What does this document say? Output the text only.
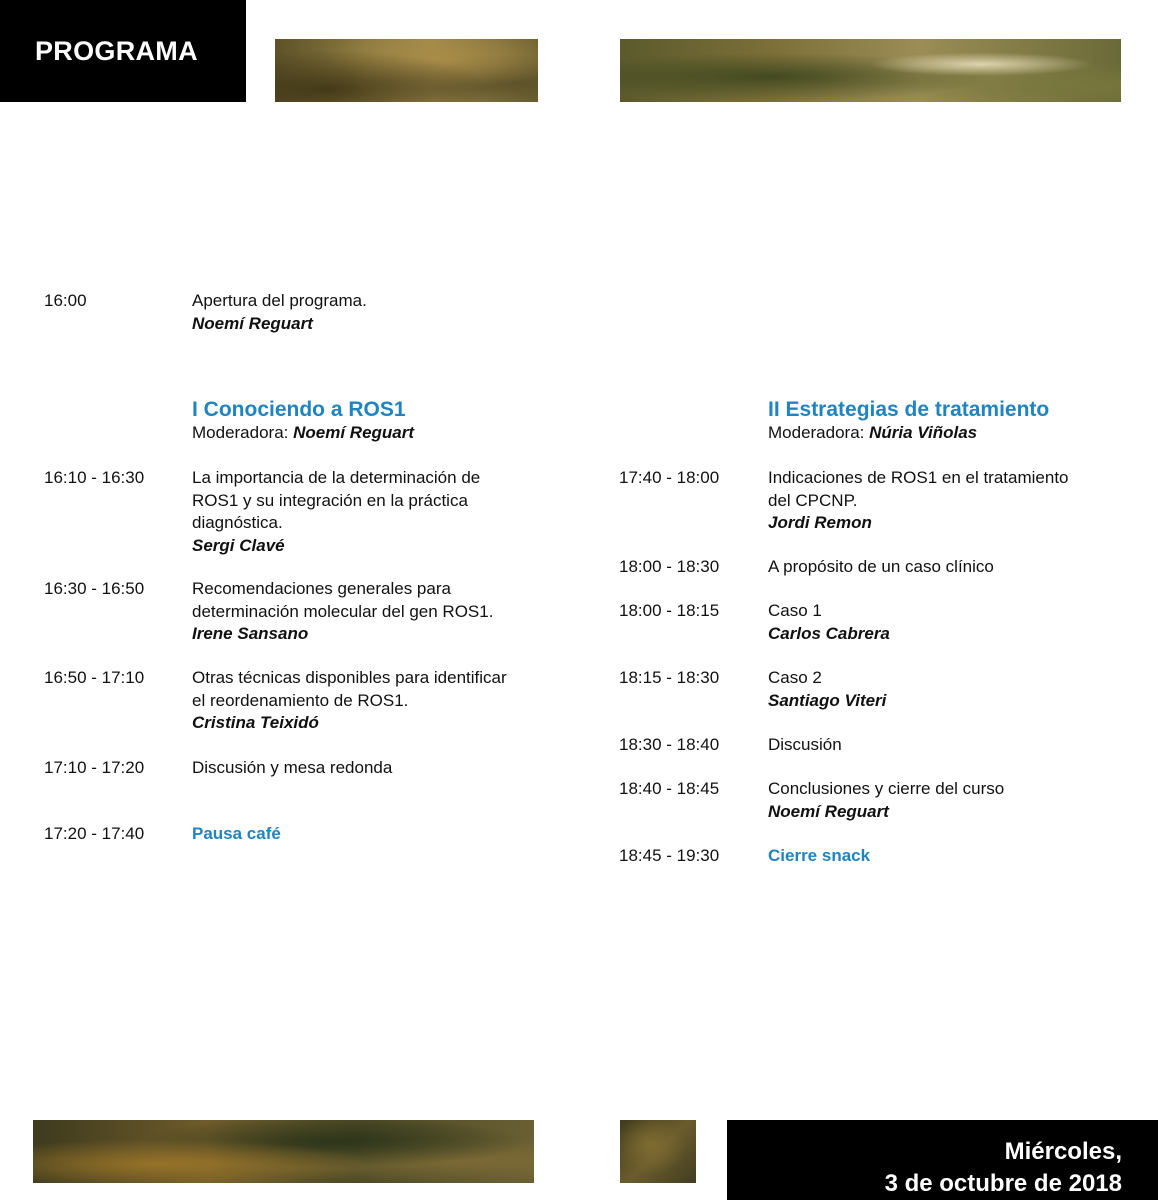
PROGRAMA
Miércoles,
3 de octubre de 2018
16:00	Apertura del programa.
Noemí Reguart
I Conociendo a ROS1
Moderadora: Noemí Reguart
16:10 - 16:30	La importancia de la determinación de
ROS1 y su integración en la práctica
diagnóstica.
Sergi Clavé
16:30 - 16:50	Recomendaciones generales para
determinación molecular del gen ROS1.
Irene Sansano
16:50 - 17:10	Otras técnicas disponibles para identificar
el reordenamiento de ROS1.
Cristina Teixidó
17:10 - 17:20	Discusión y mesa redonda
17:20 - 17:40	Pausa café
II Estrategias de tratamiento
Moderadora: Núria Viñolas
17:40 - 18:00	Indicaciones de ROS1 en el tratamiento
del CPCNP.
Jordi Remon
18:00 - 18:30	A propósito de un caso clínico
18:00 - 18:15	Caso 1
Carlos Cabrera
18:15 - 18:30	Caso 2
Santiago Viteri
18:30 - 18:40	Discusión
18:40 - 18:45	Conclusiones y cierre del curso
Noemí Reguart
18:45 - 19:30	Cierre snack
